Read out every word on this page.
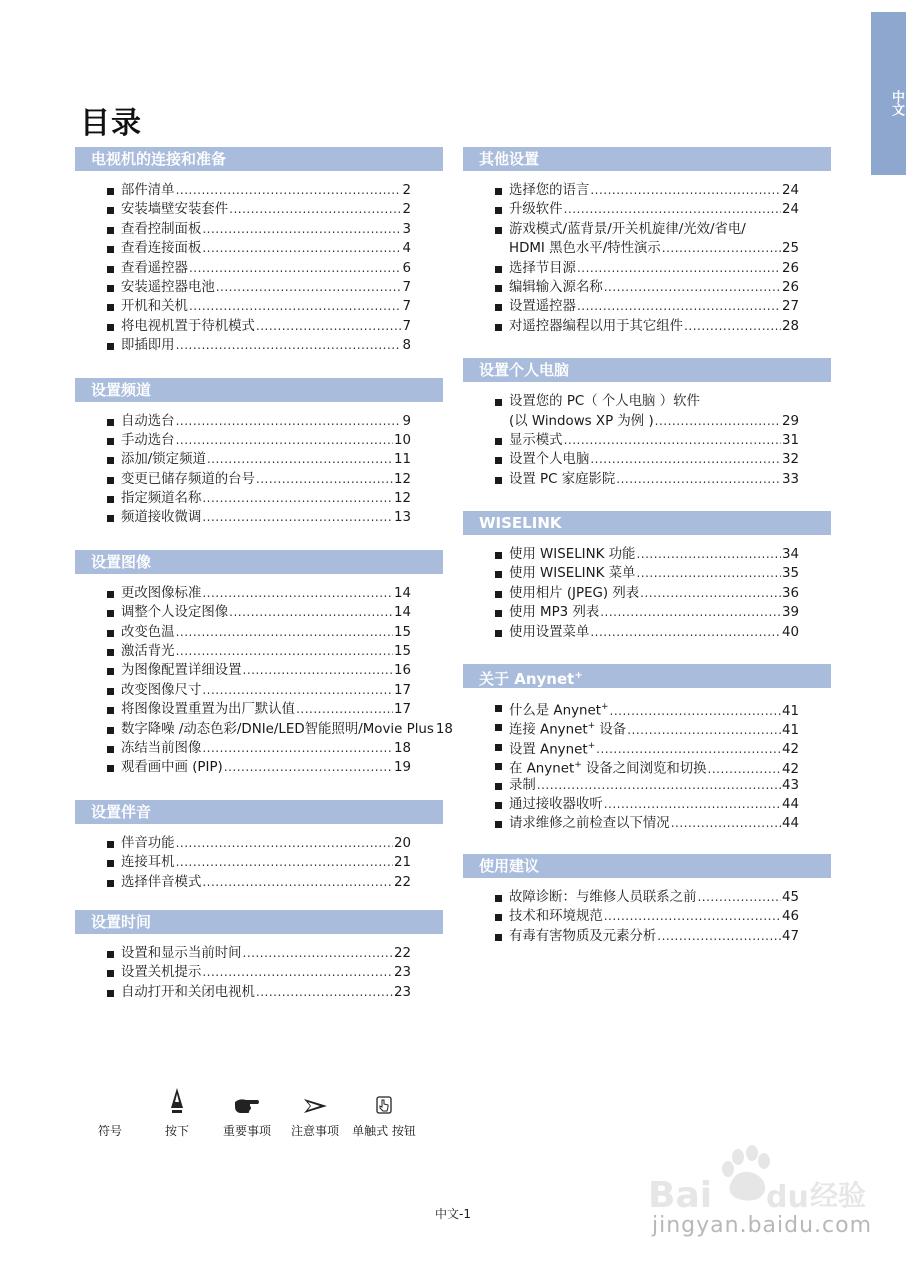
中文
目录
电视机的连接和准备
部件清单 .....	2
安装墙壁安装套件 .....	2
查看控制面板 .....	3
查看连接面板 .....	4
查看遥控器 .....	6
安装遥控器电池 .....	7
开机和关机 .....	7
将电视机置于待机模式 .....	7
即插即用 .....	8
设置频道
自动选台 .....	9
手动选台 .....	10
添加/锁定频道 .....	11
变更已储存频道的台号 .....	12
指定频道名称 .....	12
频道接收微调 .....	13
设置图像
更改图像标准 .....	14
调整个人设定图像 .....	14
改变色温 .....	15
激活背光 .....	15
为图像配置详细设置 .....	16
改变图像尺寸 .....	17
将图像设置重置为出厂默认值 .....	17
数字降噪 /动态色彩/DNIe/LED智能照明/Movie Plus 18
冻结当前图像 .....	18
观看画中画 (PIP) .....	19
设置伴音
伴音功能 .....	20
连接耳机 .....	21
选择伴音模式 .....	22
设置时间
设置和显示当前时间 .....	22
设置关机提示 .....	23
自动打开和关闭电视机 .....	23
其他设置
选择您的语言 .....	24
升级软件 .....	24
游戏模式/蓝背景/开关机旋律/光效/省电/
HDMI 黑色水平/特性演示 .....	25
选择节目源 .....	26
编辑输入源名称 .....	26
设置遥控器 .....	27
对遥控器编程以用于其它组件 .....	28
设置个人电脑
设置您的 PC（ 个人电脑 ）软件
(以 Windows XP 为例 ) .....	29
显示模式 .....	31
设置个人电脑 .....	32
设置 PC 家庭影院 .....	33
WISELINK
使用 WISELINK 功能 .....	34
使用 WISELINK 菜单 .....	35
使用相片 (JPEG) 列表 .....	36
使用 MP3 列表 .....	39
使用设置菜单 .....	40
关于 Anynet+
什么是 Anynet+ .....	41
连接 Anynet+ 设备 .....	41
设置 Anynet+ .....	42
在 Anynet+ 设备之间浏览和切换 .....	42
录制 .....	43
通过接收器收听 .....	44
请求维修之前检查以下情况 .....	44
使用建议
故障诊断：与维修人员联系之前 .....	45
技术和环境规范 .....	46
有毒有害物质及元素分析 .....	47
符号	按下	重要事项	注意事项	单触式 按钮
中文-1	Bai du 经验
jingyan.baidu.com
